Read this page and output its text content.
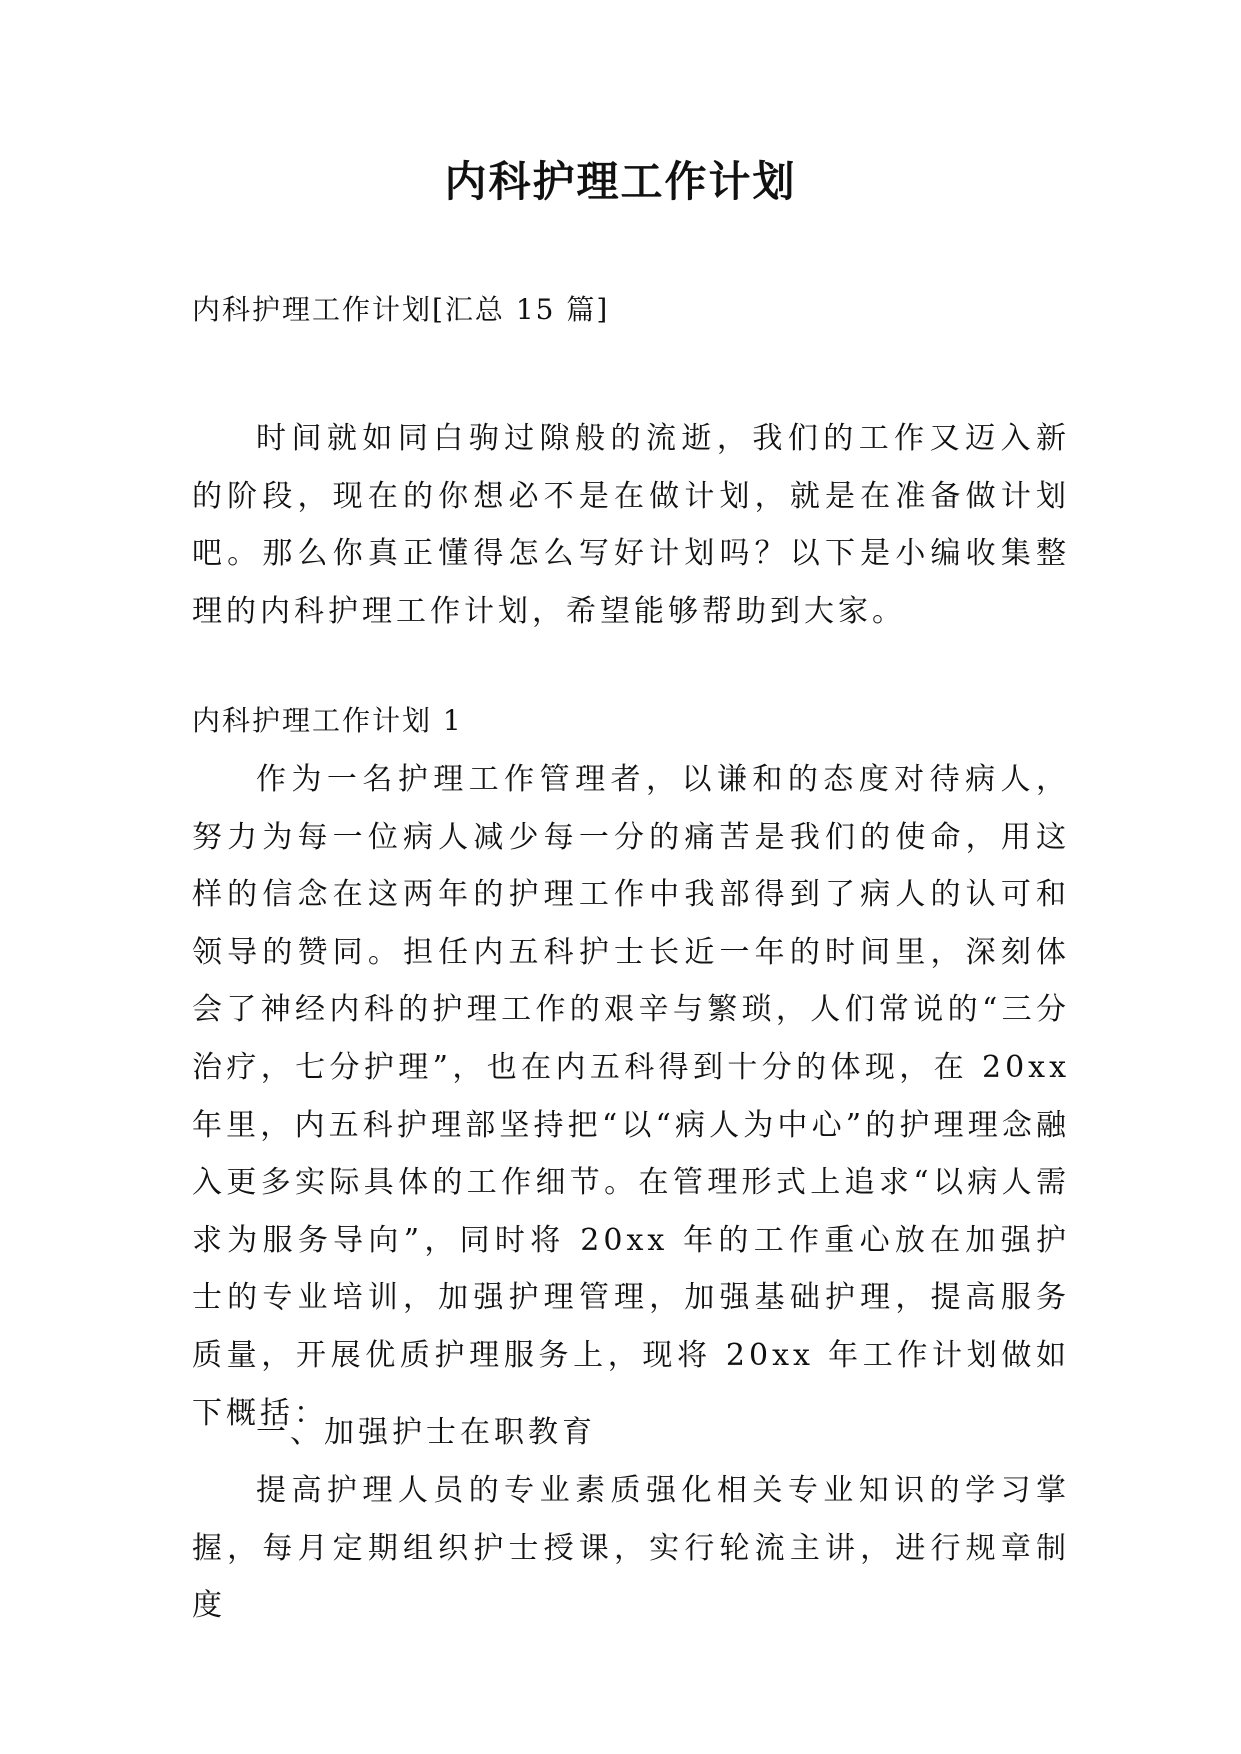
内科护理工作计划
内科护理工作计划[汇总 15 篇]
时间就如同白驹过隙般的流逝，我们的工作又迈入新的阶段，现在的你想必不是在做计划，就是在准备做计划吧。那么你真正懂得怎么写好计划吗？以下是小编收集整理的内科护理工作计划，希望能够帮助到大家。
内科护理工作计划 1
作为一名护理工作管理者，以谦和的态度对待病人，努力为每一位病人减少每一分的痛苦是我们的使命，用这样的信念在这两年的护理工作中我部得到了病人的认可和领导的赞同。担任内五科护士长近一年的时间里，深刻体会了神经内科的护理工作的艰辛与繁琐，人们常说的“三分治疗，七分护理”，也在内五科得到十分的体现，在 20xx 年里，内五科护理部坚持把“以“病人为中心”的护理理念融入更多实际具体的工作细节。在管理形式上追求“以病人需求为服务导向”，同时将 20xx 年的工作重心放在加强护士的专业培训，加强护理管理，加强基础护理，提高服务质量，开展优质护理服务上，现将 20xx 年工作计划做如下概括：
一、加强护士在职教育
提高护理人员的专业素质强化相关专业知识的学习掌握，每月定期组织护士授课，实行轮流主讲，进行规章制度
